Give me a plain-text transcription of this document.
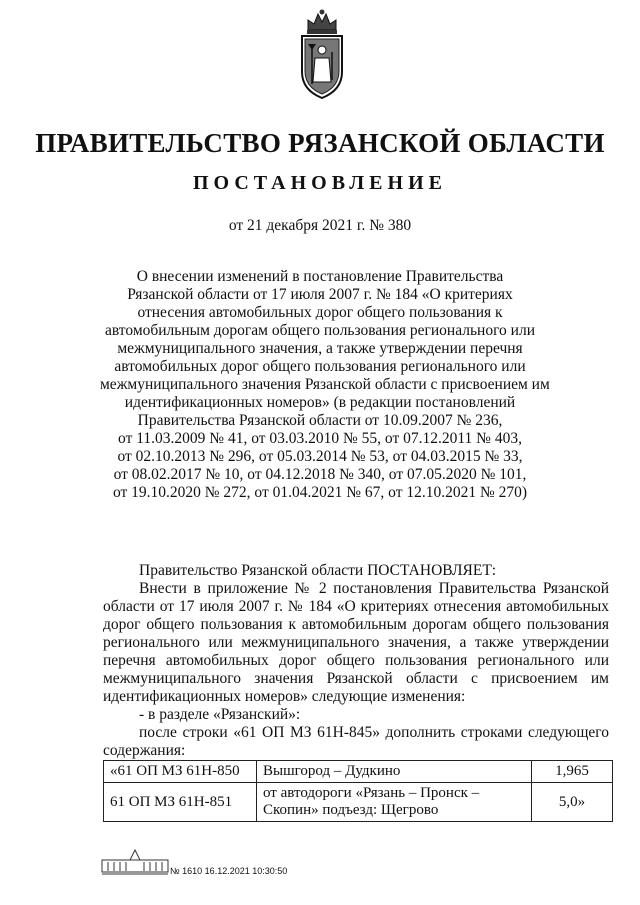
ПРАВИТЕЛЬСТВО РЯЗАНСКОЙ ОБЛАСТИ
ПОСТАНОВЛЕНИЕ
от 21 декабря 2021 г. № 380
О внесении изменений в постановление Правительства
Рязанской области от 17 июля 2007 г. № 184 «О критериях
отнесения автомобильных дорог общего пользования к
автомобильным дорогам общего пользования регионального или
межмуниципального значения, а также утверждении перечня
автомобильных дорог общего пользования регионального или
межмуниципального значения Рязанской области с присвоением им
идентификационных номеров» (в редакции постановлений
Правительства Рязанской области от 10.09.2007 № 236,
от 11.03.2009 № 41, от 03.03.2010 № 55, от 07.12.2011 № 403,
от 02.10.2013 № 296, от 05.03.2014 № 53, от 04.03.2015 № 33,
от 08.02.2017 № 10, от 04.12.2018 № 340, от 07.05.2020 № 101,
от 19.10.2020 № 272, от 01.04.2021 № 67, от 12.10.2021 № 270)
Правительство Рязанской области ПОСТАНОВЛЯЕТ:
Внести в приложение № 2 постановления Правительства Рязанской
области от 17 июля 2007 г. № 184 «О критериях отнесения автомобильных
дорог общего пользования к автомобильным дорогам общего пользования
регионального или межмуниципального значения, а также утверждении
перечня автомобильных дорог общего пользования регионального или
межмуниципального значения Рязанской области с присвоением им
идентификационных номеров» следующие изменения:
- в разделе «Рязанский»:
после строки «61 ОП МЗ 61Н-845» дополнить строками следующего
содержания:
«61 ОП МЗ 61Н-850	Вышгород – Дудкино	1,965
61 ОП МЗ 61Н-851	от автодороги «Рязань – Пронск –
Скопин» подъезд: Щегрово	5,0»
№ 1610 16.12.2021 10:30:50
